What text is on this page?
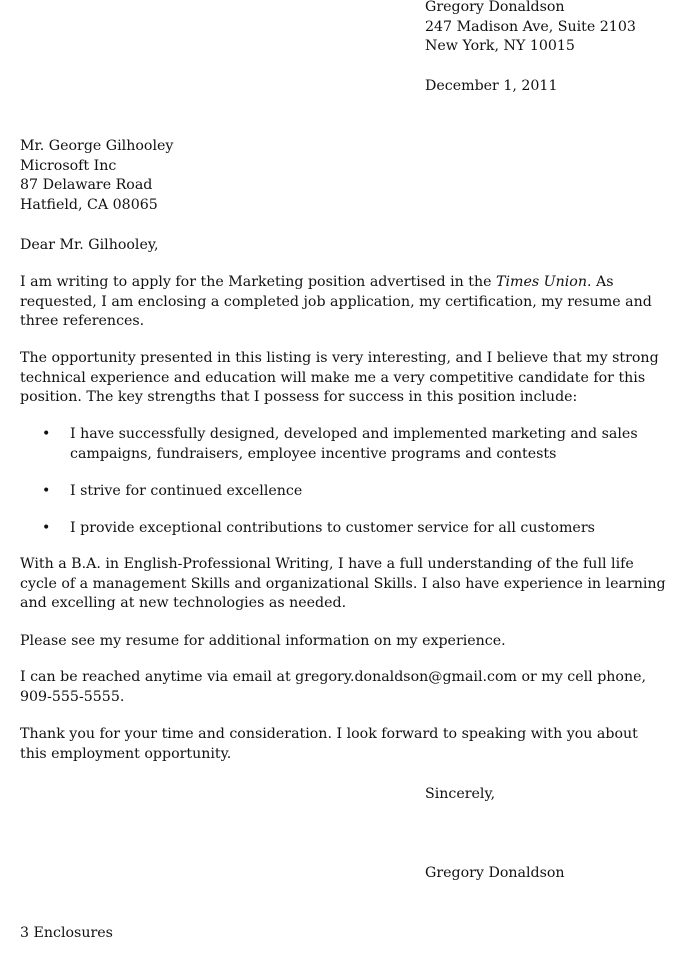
Gregory Donaldson
247 Madison Ave, Suite 2103
New York, NY 10015
December 1, 2011
Mr. George Gilhooley
Microsoft Inc
87 Delaware Road
Hatfield, CA 08065
Dear Mr. Gilhooley,
I am writing to apply for the Marketing position advertised in the Times Union. As
requested, I am enclosing a completed job application, my certification, my resume and
three references.
The opportunity presented in this listing is very interesting, and I believe that my strong
technical experience and education will make me a very competitive candidate for this
position. The key strengths that I possess for success in this position include:
• I have successfully designed, developed and implemented marketing and sales
campaigns, fundraisers, employee incentive programs and contests
• I strive for continued excellence
• I provide exceptional contributions to customer service for all customers
With a B.A. in English-Professional Writing, I have a full understanding of the full life
cycle of a management Skills and organizational Skills. I also have experience in learning
and excelling at new technologies as needed.
Please see my resume for additional information on my experience.
I can be reached anytime via email at gregory.donaldson@gmail.com or my cell phone,
909-555-5555.
Thank you for your time and consideration. I look forward to speaking with you about
this employment opportunity.
Sincerely,
Gregory Donaldson
3 Enclosures
